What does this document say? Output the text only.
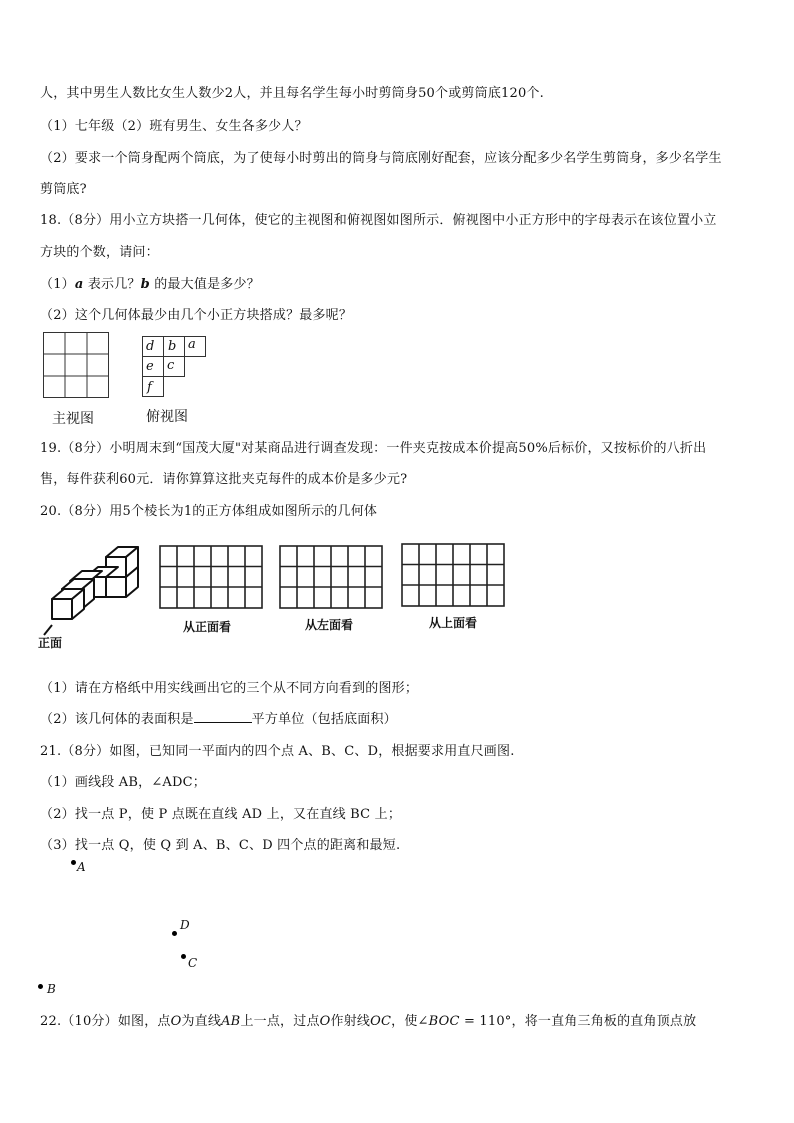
人，其中男生人数比女生人数少2人，并且每名学生每小时剪筒身50个或剪筒底120个.
（1）七年级（2）班有男生、女生各多少人？
（2）要求一个筒身配两个筒底，为了使每小时剪出的筒身与筒底刚好配套，应该分配多少名学生剪筒身，多少名学生
剪筒底?
18.（8分）用小立方块搭一几何体，使它的主视图和俯视图如图所示．俯视图中小正方形中的字母表示在该位置小立
方块的个数，请问：
（1）a 表示几？b 的最大值是多少？
（2）这个几何体最少由几个小正方块搭成？最多呢？
主视图
d b a
e c
f
俯视图
19.（8分）小明周末到“国茂大厦"对某商品进行调查发现：一件夹克按成本价提高50%后标价，又按标价的八折出
售，每件获利60元．请你算算这批夹克每件的成本价是多少元?
20.（8分）用5个棱长为1的正方体组成如图所示的几何体
正面
从正面看	从左面看	从上面看
（1）请在方格纸中用实线画出它的三个从不同方向看到的图形；
（2）该几何体的表面积是	平方单位（包括底面积）
21.（8分）如图，已知同一平面内的四个点 A、B、C、D，根据要求用直尺画图.
（1）画线段 AB，∠ADC；
（2）找一点 P，使 P 点既在直线 AD 上，又在直线 BC 上；
（3）找一点 Q，使 Q 到 A、B、C、D 四个点的距离和最短.
A
D
C
B
22.（10分）如图，点O为直线AB上一点，过点O作射线OC，使∠BOC = 110°，将一直角三角板的直角顶点放
